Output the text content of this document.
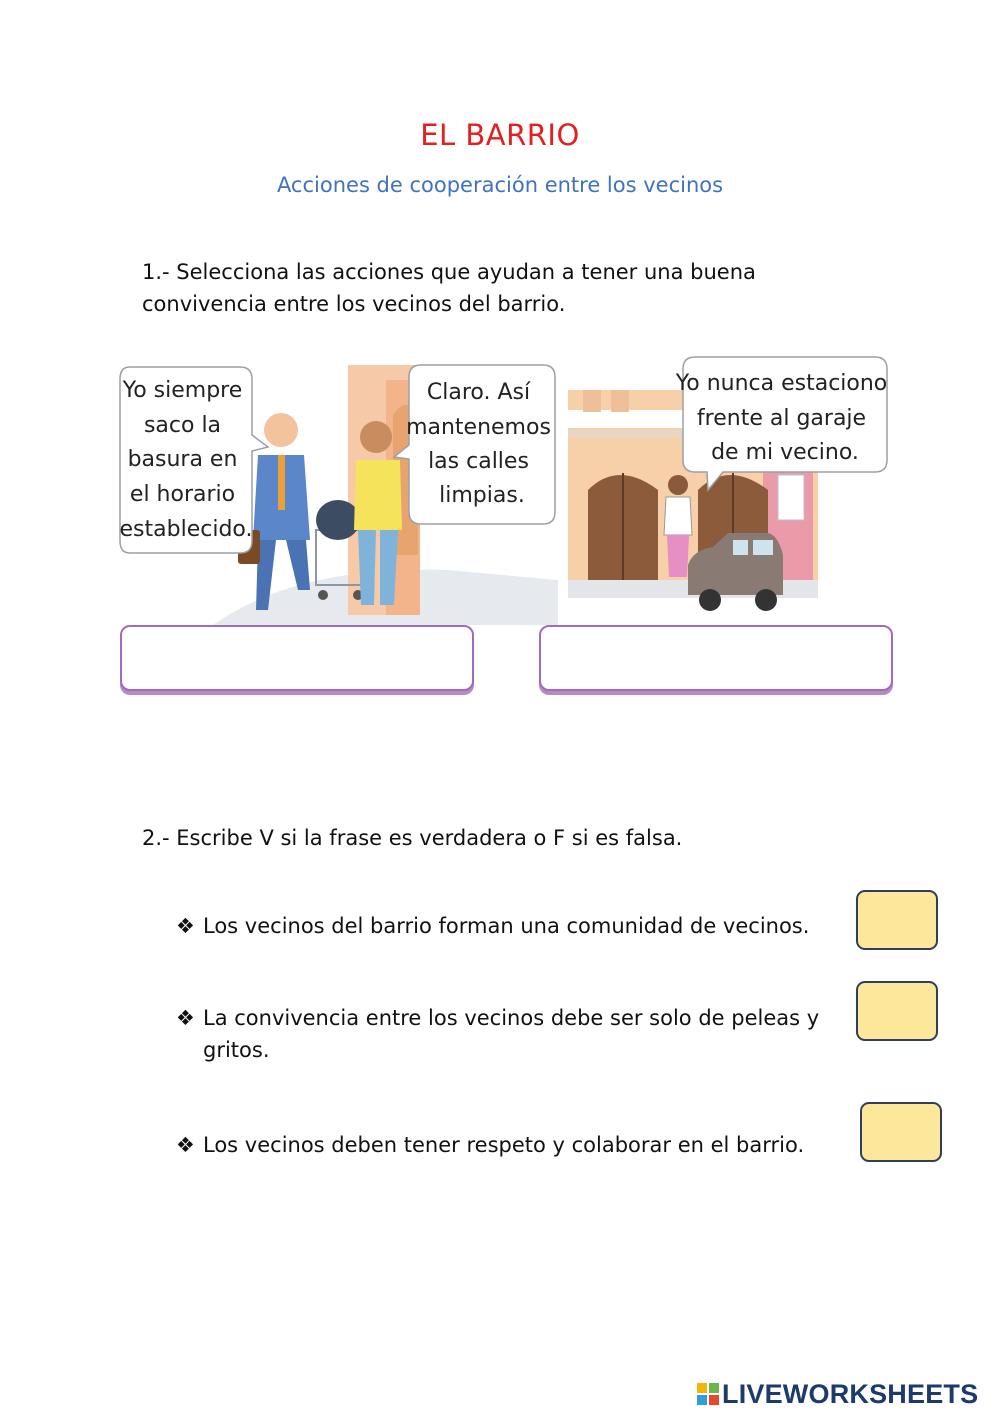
EL BARRIO
Acciones de cooperación entre los vecinos
1.- Selecciona las acciones que ayudan a tener una buena convivencia entre los vecinos del barrio.
Yo siempre saco la basura en el horario establecido.
Claro. Así mantenemos las calles limpias.
Yo nunca estaciono frente al garaje de mi vecino.
2.- Escribe V si la frase es verdadera o F si es falsa.
❖ Los vecinos del barrio forman una comunidad de vecinos.
❖ La convivencia entre los vecinos debe ser solo de peleas y gritos.
❖ Los vecinos deben tener respeto y colaborar en el barrio.
LIVEWORKSHEETS
